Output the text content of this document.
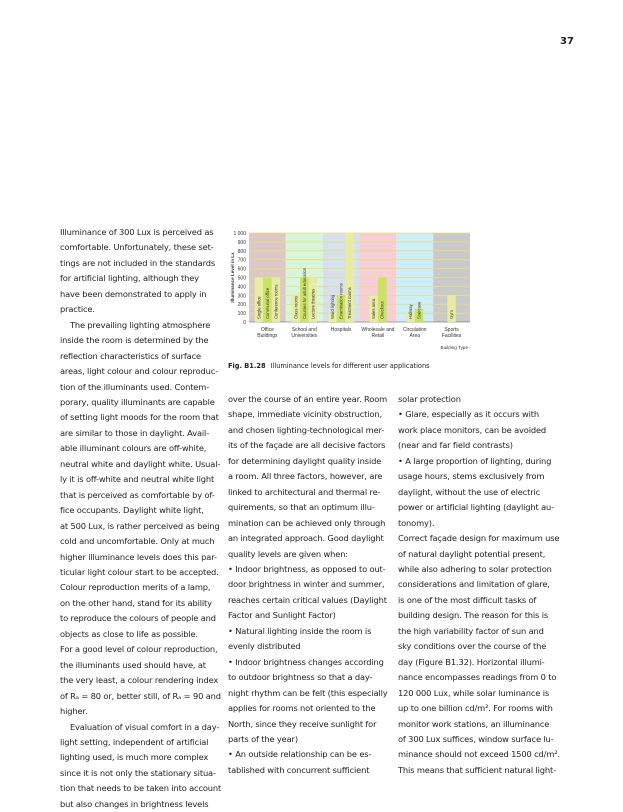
37
Illuminance of 300 Lux is perceived as
comfortable. Unfortunately, these set-
tings are not included in the standards
for artificial lighting, although they
have been demonstrated to apply in
practice.
The prevailing lighting atmosphere
inside the room is determined by the
reflection characteristics of surface
areas, light colour and colour reproduc-
tion of the illuminants used. Contem-
porary, quality illuminants are capable
of setting light moods for the room that
are similar to those in daylight. Avail-
able illuminant colours are off-white,
neutral white and daylight white. Usual-
ly it is off-white and neutral white light
that is perceived as comfortable by of-
fice occupants. Daylight white light,
at 500 Lux, is rather perceived as being
cold and uncomfortable. Only at much
higher illuminance levels does this par-
ticular light colour start to be accepted.
Colour reproduction merits of a lamp,
on the other hand, stand for its ability
to reproduce the colours of people and
objects as close to life as possible.
For a good level of colour reproduction,
the illuminants used should have, at
the very least, a colour rendering index
of Rₐ = 80 or, better still, of Rₐ = 90 and
higher.
Evaluation of visual comfort in a day-
light setting, independent of artificial
lighting used, is much more complex
since it is not only the stationary situa-
tion that needs to be taken into account
but also changes in brightness levels
over the course of an entire year. Room
shape, immediate vicinity obstruction,
and chosen lighting-technological mer-
its of the façade are all decisive factors
for determining daylight quality inside
a room. All three factors, however, are
linked to architectural and thermal re-
quirements, so that an optimum illu-
mination can be achieved only through
an integrated approach. Good daylight
quality levels are given when:
• Indoor brightness, as opposed to out-
door brightness in winter and summer,
reaches certain critical values (Daylight
Factor and Sunlight Factor)
• Natural lighting inside the room is
evenly distributed
• Indoor brightness changes according
to outdoor brightness so that a day-
night rhythm can be felt (this especially
applies for rooms not oriented to the
North, since they receive sunlight for
parts of the year)
• An outside relationship can be es-
tablished with concurrent sufficient
solar protection
• Glare, especially as it occurs with
work place monitors, can be avoided
(near and far field contrasts)
• A large proportion of lighting, during
usage hours, stems exclusively from
daylight, without the use of electric
power or artificial lighting (daylight au-
tonomy).
Correct façade design for maximum use
of natural daylight potential present,
while also adhering to solar protection
considerations and limitation of glare,
is one of the most difficult tasks of
building design. The reason for this is
the high variability factor of sun and
sky conditions over the course of the
day (Figure B1.32). Horizontal illumi-
nance encompasses readings from 0 to
120 000 Lux, while solar luminance is
up to one billion cd/m². For rooms with
monitor work stations, an illuminance
of 300 Lux suffices, window surface lu-
minance should not exceed 1500 cd/m².
This means that sufficient natural light-
0
100
200
300
400
500
600
700
800
900
1 000
Illuminance Level in Lx
Single office Communal office Conference rooms
Office Buildings
Class rooms Courses for adult education Lecture theatres
School and Universities
Ward lighting Examination rooms Treatment rooms
Hospitals
Sales area Checkout
Wholesale and Retail
Hallway Staircase
Circulation Area
Gym
Sports Facilities
Building Type
Fig. B1.28 Illuminance levels for different user applications
